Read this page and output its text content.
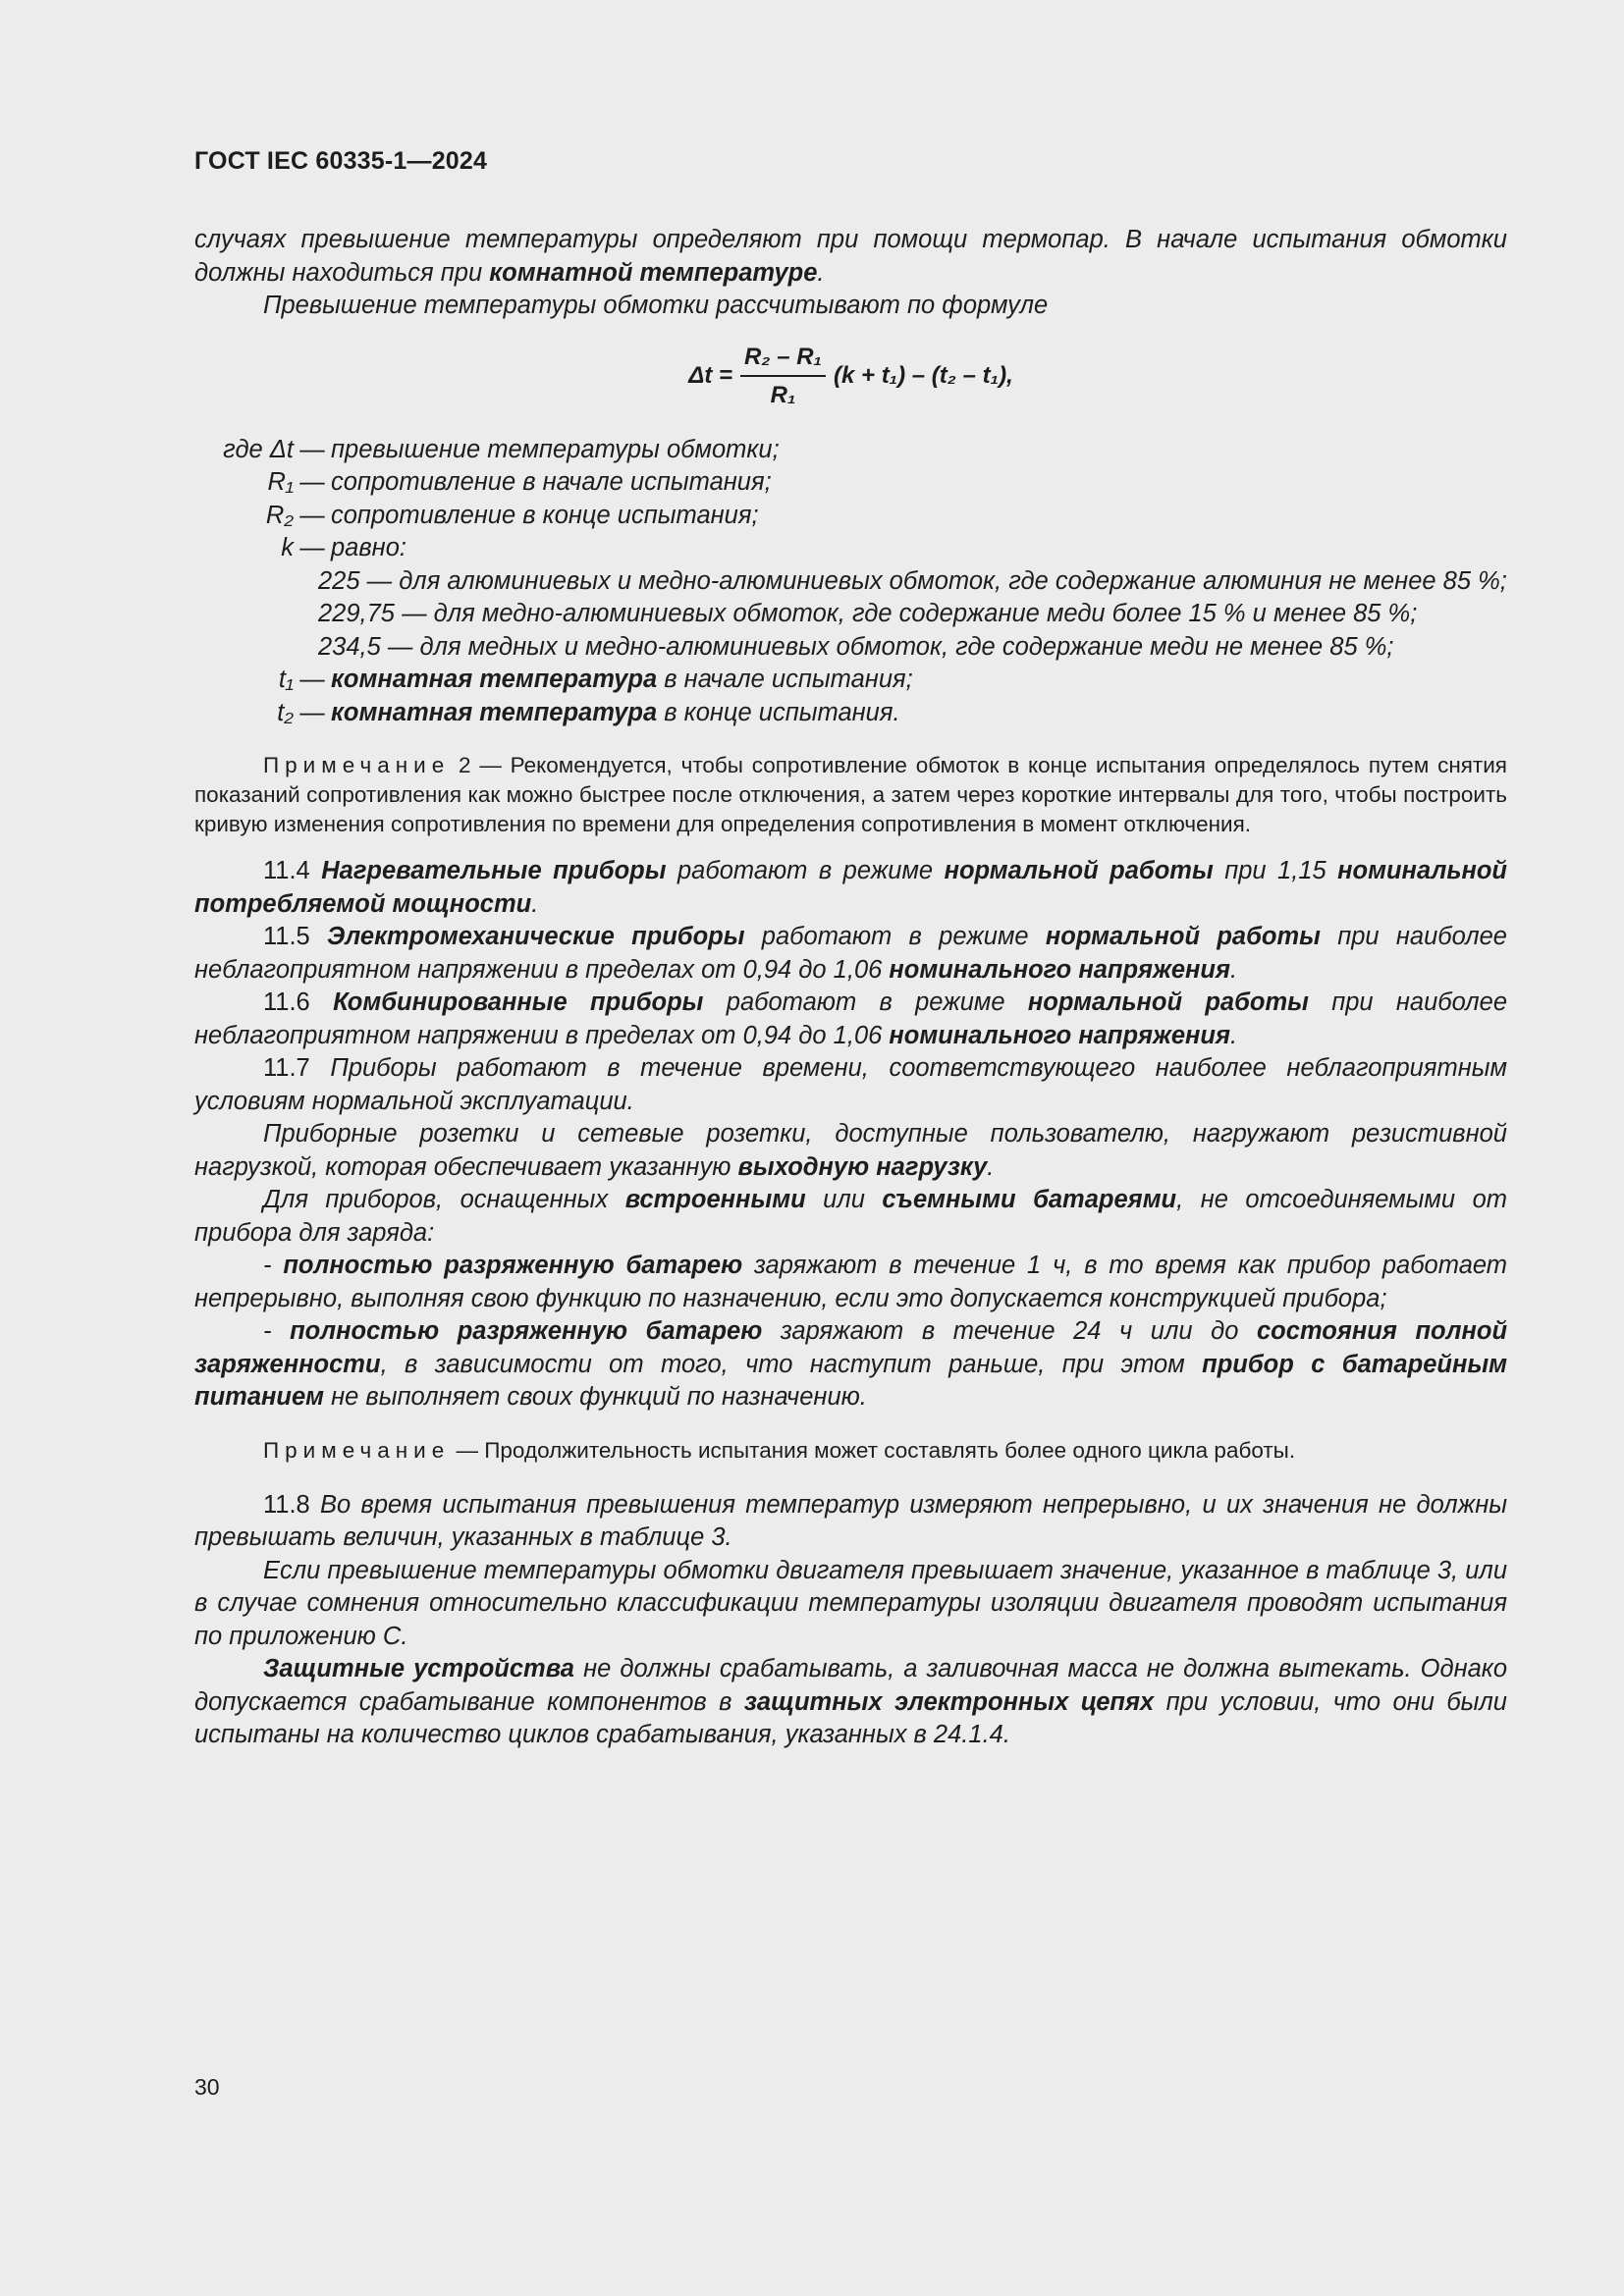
ГОСТ IEC 60335-1—2024

случаях превышение температуры определяют при помощи термопар. В начале испытания обмотки должны находиться при комнатной температуре.

Превышение температуры обмотки рассчитывают по формуле

$\Delta t = \frac{\text{R₂ – R₁}}{\text{R₁}} (k + t_1) - (t_2 - t_1)$,
где Δt — превышение температуры обмотки;
R₁ — сопротивление в начале испытания;
R₂ — сопротивление в конце испытания;
k — равно:
225 — для алюминиевых и медно-алюминиевых обмоток, где содержание алюминия не менее 85 %;
229,75 — для медно-алюминиевых обмоток, где содержание меди более 15 % и менее 85 %;
234,5 — для медных и медно-алюминиевых обмоток, где содержание меди не менее 85 %;
t₁ — комнатная температура в начале испытания;
t₂ — комнатная температура в конце испытания.

Примечание 2 — Рекомендуется, чтобы сопротивление обмоток в конце испытания определялось путем снятия показаний сопротивления как можно быстрее после отключения, а затем через короткие интервалы для того, чтобы построить кривую изменения сопротивления по времени для определения сопротивления в момент отключения.

11.4 Нагревательные приборы работают в режиме нормальной работы при 1,15 номинальной потребляемой мощности.

11.5 Электромеханические приборы работают в режиме нормальной работы при наиболее неблагоприятном напряжении в пределах от 0,94 до 1,06 номинального напряжения.

11.6 Комбинированные приборы работают в режиме нормальной работы при наиболее неблагоприятном напряжении в пределах от 0,94 до 1,06 номинального напряжения.

11.7 Приборы работают в течение времени, соответствующего наиболее неблагоприятным условиям нормальной эксплуатации.

Приборные розетки и сетевые розетки, доступные пользователю, нагружают резистивной нагрузкой, которая обеспечивает указанную выходную нагрузку.

Для приборов, оснащенных встроенными или съемными батареями, не отсоединяемыми от прибора для заряда:

- полностью разряженную батарею заряжают в течение 1 ч, в то время как прибор работает непрерывно, выполняя свою функцию по назначению, если это допускается конструкцией прибора;

- полностью разряженную батарею заряжают в течение 24 ч или до состояния полной заряженности, в зависимости от того, что наступит раньше, при этом прибор с батарейным питанием не выполняет своих функций по назначению.

Примечание — Продолжительность испытания может составлять более одного цикла работы.

11.8 Во время испытания превышения температур измеряют непрерывно, и их значения не должны превышать величин, указанных в таблице 3.

Если превышение температуры обмотки двигателя превышает значение, указанное в таблице 3, или в случае сомнения относительно классификации температуры изоляции двигателя проводят испытания по приложению С.

Защитные устройства не должны срабатывать, а заливочная масса не должна вытекать. Однако допускается срабатывание компонентов в защитных электронных цепях при условии, что они были испытаны на количество циклов срабатывания, указанных в 24.1.4.

30
